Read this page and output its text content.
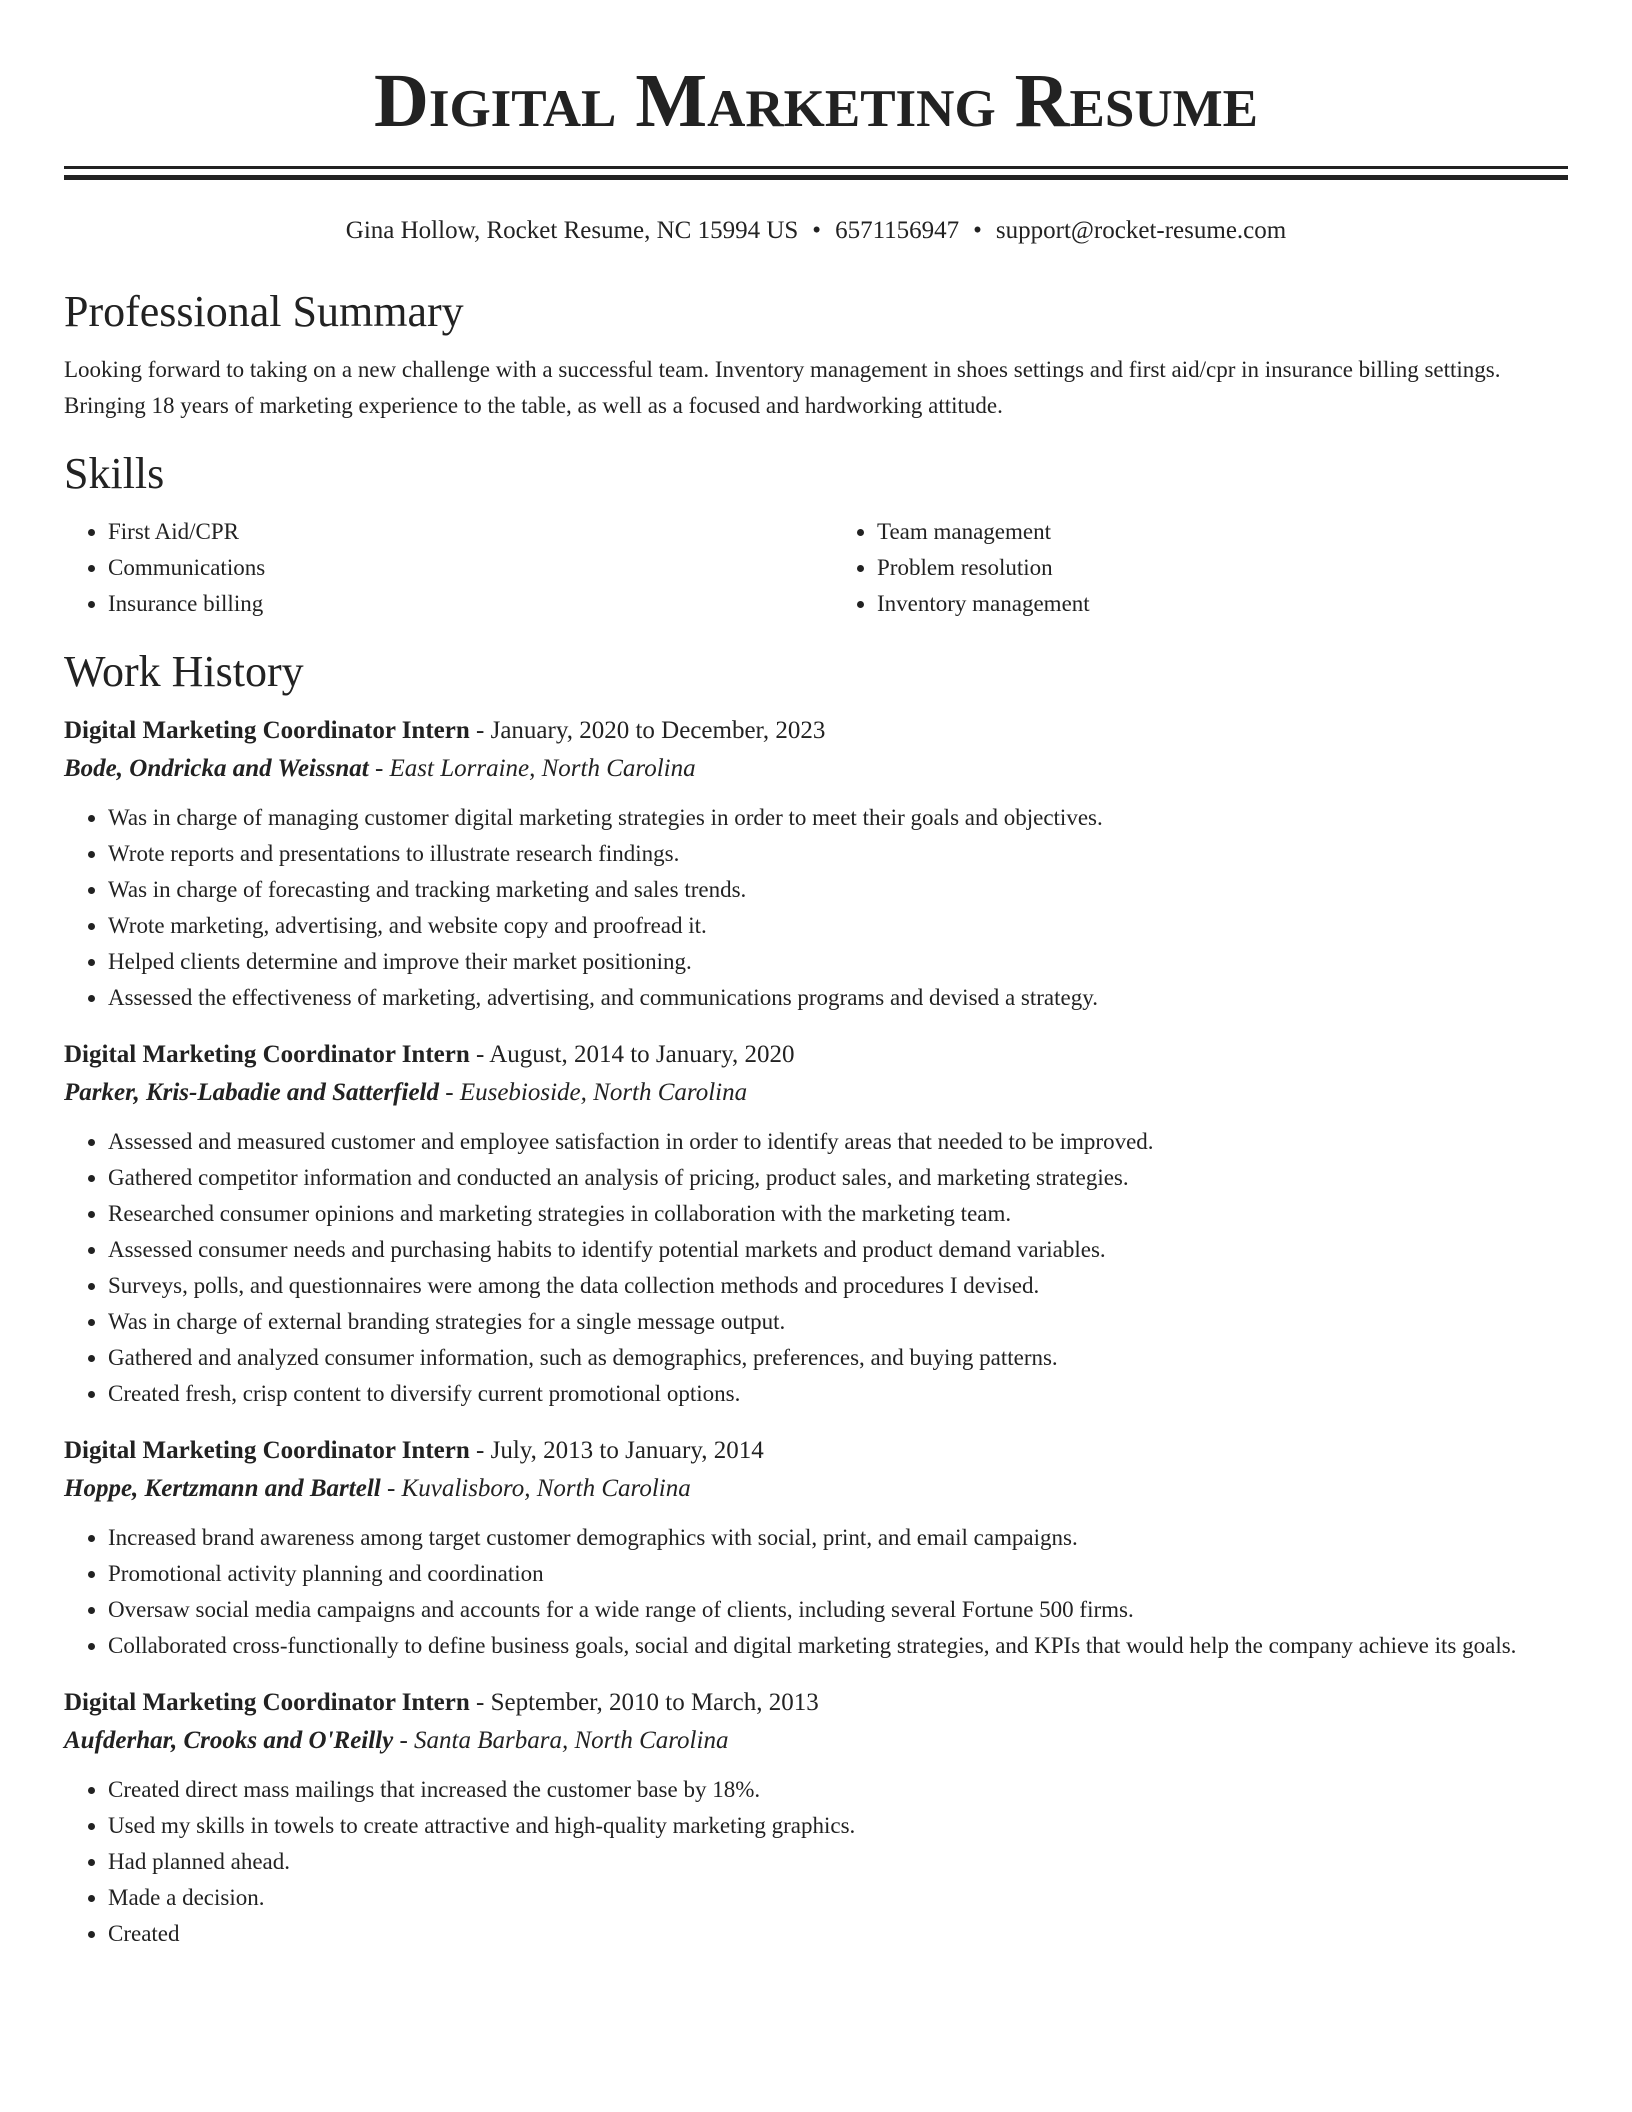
Digital Marketing Resume
Gina Hollow, Rocket Resume, NC 15994 US • 6571156947 • support@rocket-resume.com
Professional Summary

Looking forward to taking on a new challenge with a successful team. Inventory management in shoes settings and first aid/cpr in insurance billing settings. Bringing 18 years of marketing experience to the table, as well as a focused and hardworking attitude.

Skills
• First Aid/CPR
• Communications
• Insurance billing
• Team management
• Problem resolution
• Inventory management
Work History
Digital Marketing Coordinator Intern - January, 2020 to December, 2023
Bode, Ondricka and Weissnat - East Lorraine, North Carolina
• Was in charge of managing customer digital marketing strategies in order to meet their goals and objectives.
• Wrote reports and presentations to illustrate research findings.
• Was in charge of forecasting and tracking marketing and sales trends.
• Wrote marketing, advertising, and website copy and proofread it.
• Helped clients determine and improve their market positioning.
• Assessed the effectiveness of marketing, advertising, and communications programs and devised a strategy.
Digital Marketing Coordinator Intern - August, 2014 to January, 2020
Parker, Kris-Labadie and Satterfield - Eusebioside, North Carolina
• Assessed and measured customer and employee satisfaction in order to identify areas that needed to be improved.
• Gathered competitor information and conducted an analysis of pricing, product sales, and marketing strategies.
• Researched consumer opinions and marketing strategies in collaboration with the marketing team.
• Assessed consumer needs and purchasing habits to identify potential markets and product demand variables.
• Surveys, polls, and questionnaires were among the data collection methods and procedures I devised.
• Was in charge of external branding strategies for a single message output.
• Gathered and analyzed consumer information, such as demographics, preferences, and buying patterns.
• Created fresh, crisp content to diversify current promotional options.
Digital Marketing Coordinator Intern - July, 2013 to January, 2014
Hoppe, Kertzmann and Bartell - Kuvalisboro, North Carolina
• Increased brand awareness among target customer demographics with social, print, and email campaigns.
• Promotional activity planning and coordination
• Oversaw social media campaigns and accounts for a wide range of clients, including several Fortune 500 firms.
• Collaborated cross-functionally to define business goals, social and digital marketing strategies, and KPIs that would help the company achieve its goals.
Digital Marketing Coordinator Intern - September, 2010 to March, 2013
Aufderhar, Crooks and O'Reilly - Santa Barbara, North Carolina
• Created direct mass mailings that increased the customer base by 18%.
• Used my skills in towels to create attractive and high-quality marketing graphics.
• Had planned ahead.
• Made a decision.
• Created
